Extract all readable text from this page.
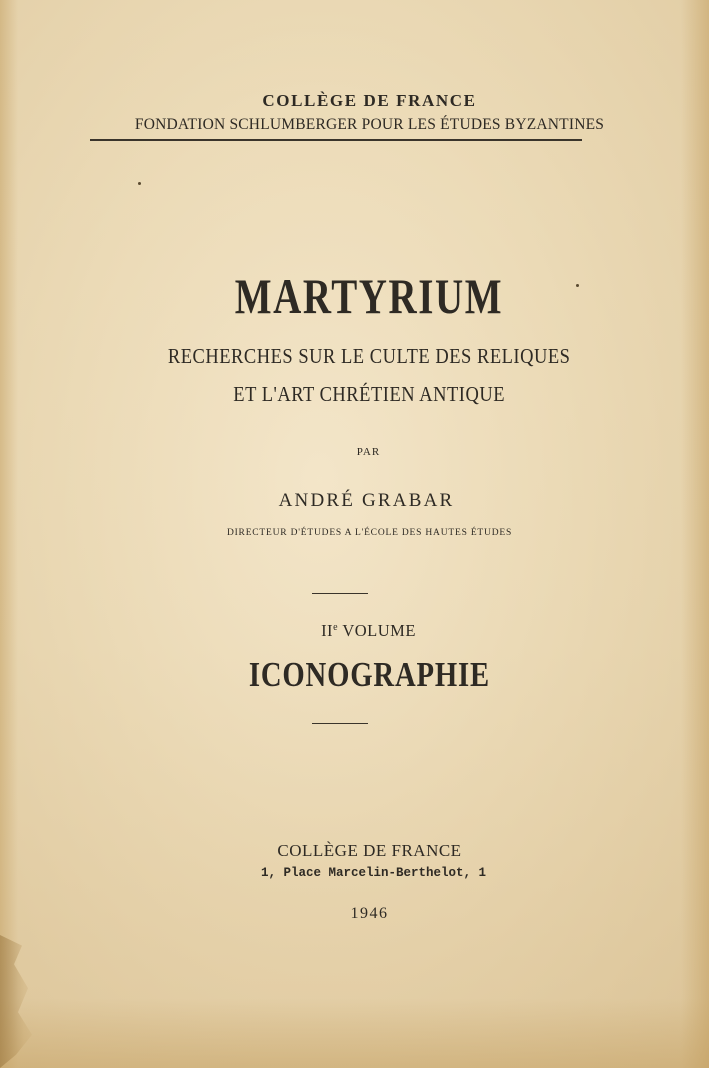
COLLÈGE DE FRANCE
FONDATION SCHLUMBERGER POUR LES ÉTUDES BYZANTINES
MARTYRIUM
RECHERCHES SUR LE CULTE DES RELIQUES
ET L'ART CHRÉTIEN ANTIQUE
PAR
ANDRÉ GRABAR
DIRECTEUR D'ÉTUDES A L'ÉCOLE DES HAUTES ÉTUDES
IIe VOLUME
ICONOGRAPHIE
COLLÈGE DE FRANCE
1, Place Marcelin-Berthelot, 1
1946
